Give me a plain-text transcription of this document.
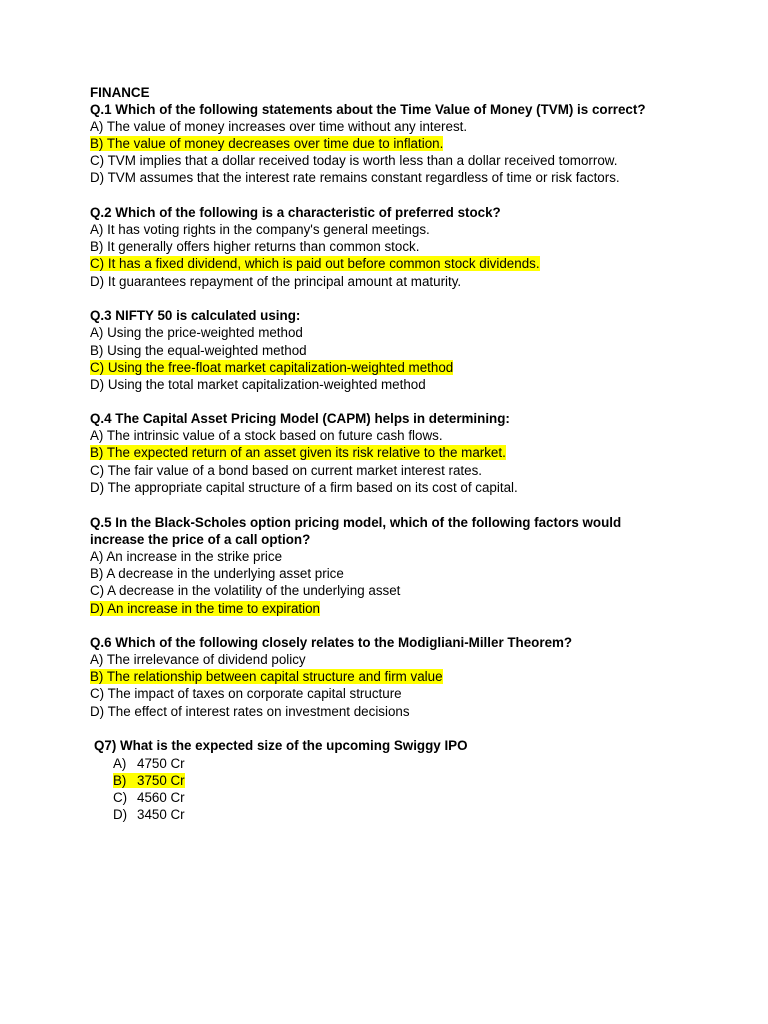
FINANCE

Q.1 Which of the following statements about the Time Value of Money (TVM) is correct?

A) The value of money increases over time without any interest.

B) The value of money decreases over time due to inflation.

C) TVM implies that a dollar received today is worth less than a dollar received tomorrow.

D) TVM assumes that the interest rate remains constant regardless of time or risk factors.

Q.2 Which of the following is a characteristic of preferred stock?

A) It has voting rights in the company's general meetings.

B) It generally offers higher returns than common stock.

C) It has a fixed dividend, which is paid out before common stock dividends.

D) It guarantees repayment of the principal amount at maturity.

Q.3 NIFTY 50 is calculated using:

A) Using the price-weighted method

B) Using the equal-weighted method

C) Using the free-float market capitalization-weighted method

D) Using the total market capitalization-weighted method

Q.4 The Capital Asset Pricing Model (CAPM) helps in determining:

A) The intrinsic value of a stock based on future cash flows.

B) The expected return of an asset given its risk relative to the market.

C) The fair value of a bond based on current market interest rates.

D) The appropriate capital structure of a firm based on its cost of capital.

Q.5 In the Black-Scholes option pricing model, which of the following factors would

increase the price of a call option?

A) An increase in the strike price

B) A decrease in the underlying asset price

C) A decrease in the volatility of the underlying asset

D) An increase in the time to expiration

Q.6 Which of the following closely relates to the Modigliani-Miller Theorem?

A) The irrelevance of dividend policy

B) The relationship between capital structure and firm value

C) The impact of taxes on corporate capital structure

D) The effect of interest rates on investment decisions

Q7) What is the expected size of the upcoming Swiggy IPO

A) 4750 Cr

B) 3750 Cr

C) 4560 Cr

D) 3450 Cr
